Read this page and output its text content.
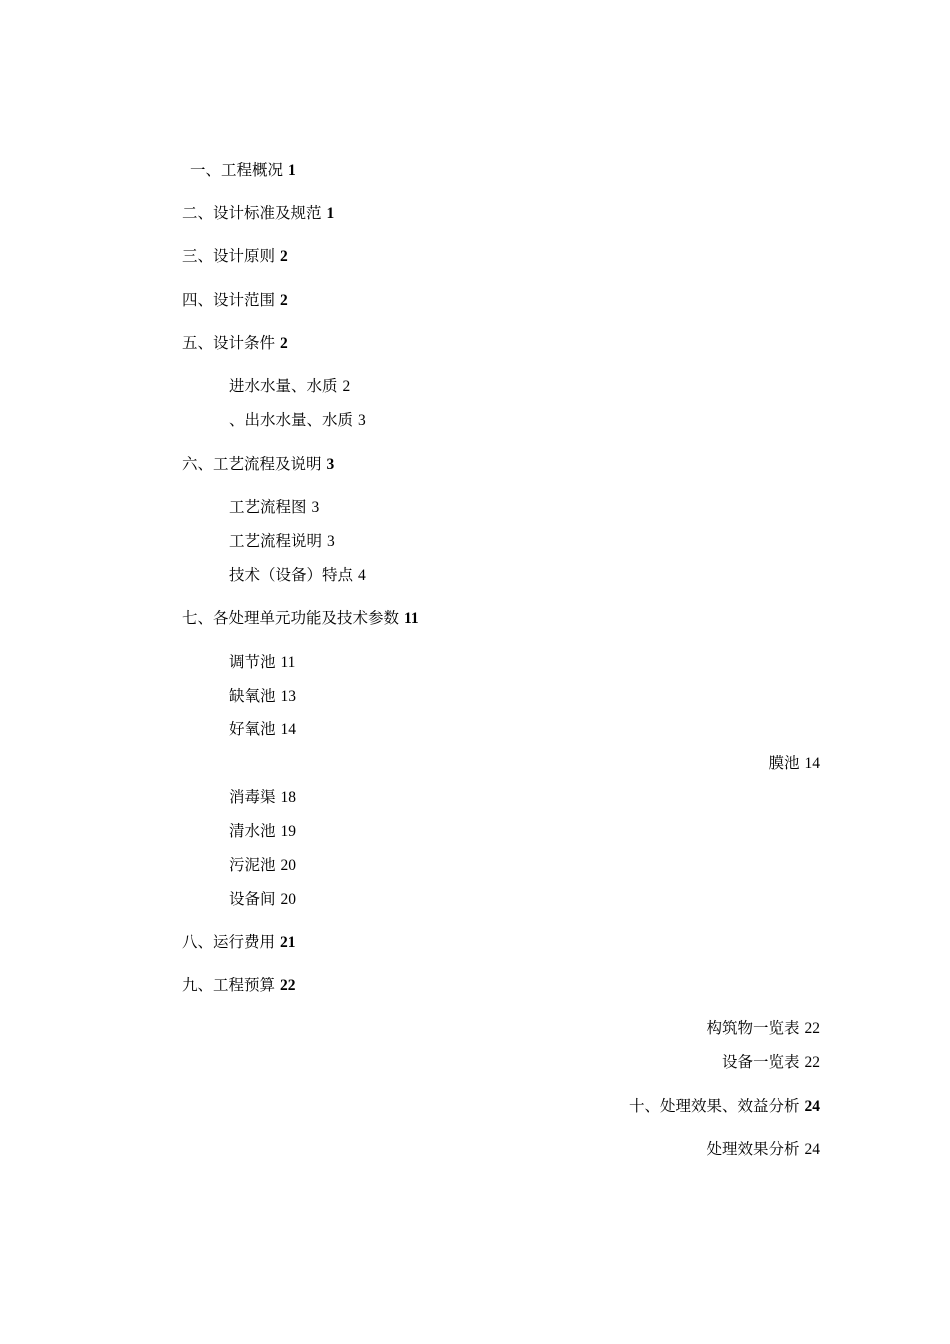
一、工程概况 1
二、设计标准及规范 1
三、设计原则 2
四、设计范围 2
五、设计条件 2
进水水量、水质 2
、出水水量、水质 3
六、工艺流程及说明 3
工艺流程图 3
工艺流程说明 3
技术（设备）特点 4
七、各处理单元功能及技术参数 11
调节池 11
缺氧池 13
好氧池 14
膜池 14
消毒渠 18
清水池 19
污泥池 20
设备间 20
八、运行费用 21
九、工程预算 22
构筑物一览表 22
设备一览表 22
十、处理效果、效益分析 24
处理效果分析 24
